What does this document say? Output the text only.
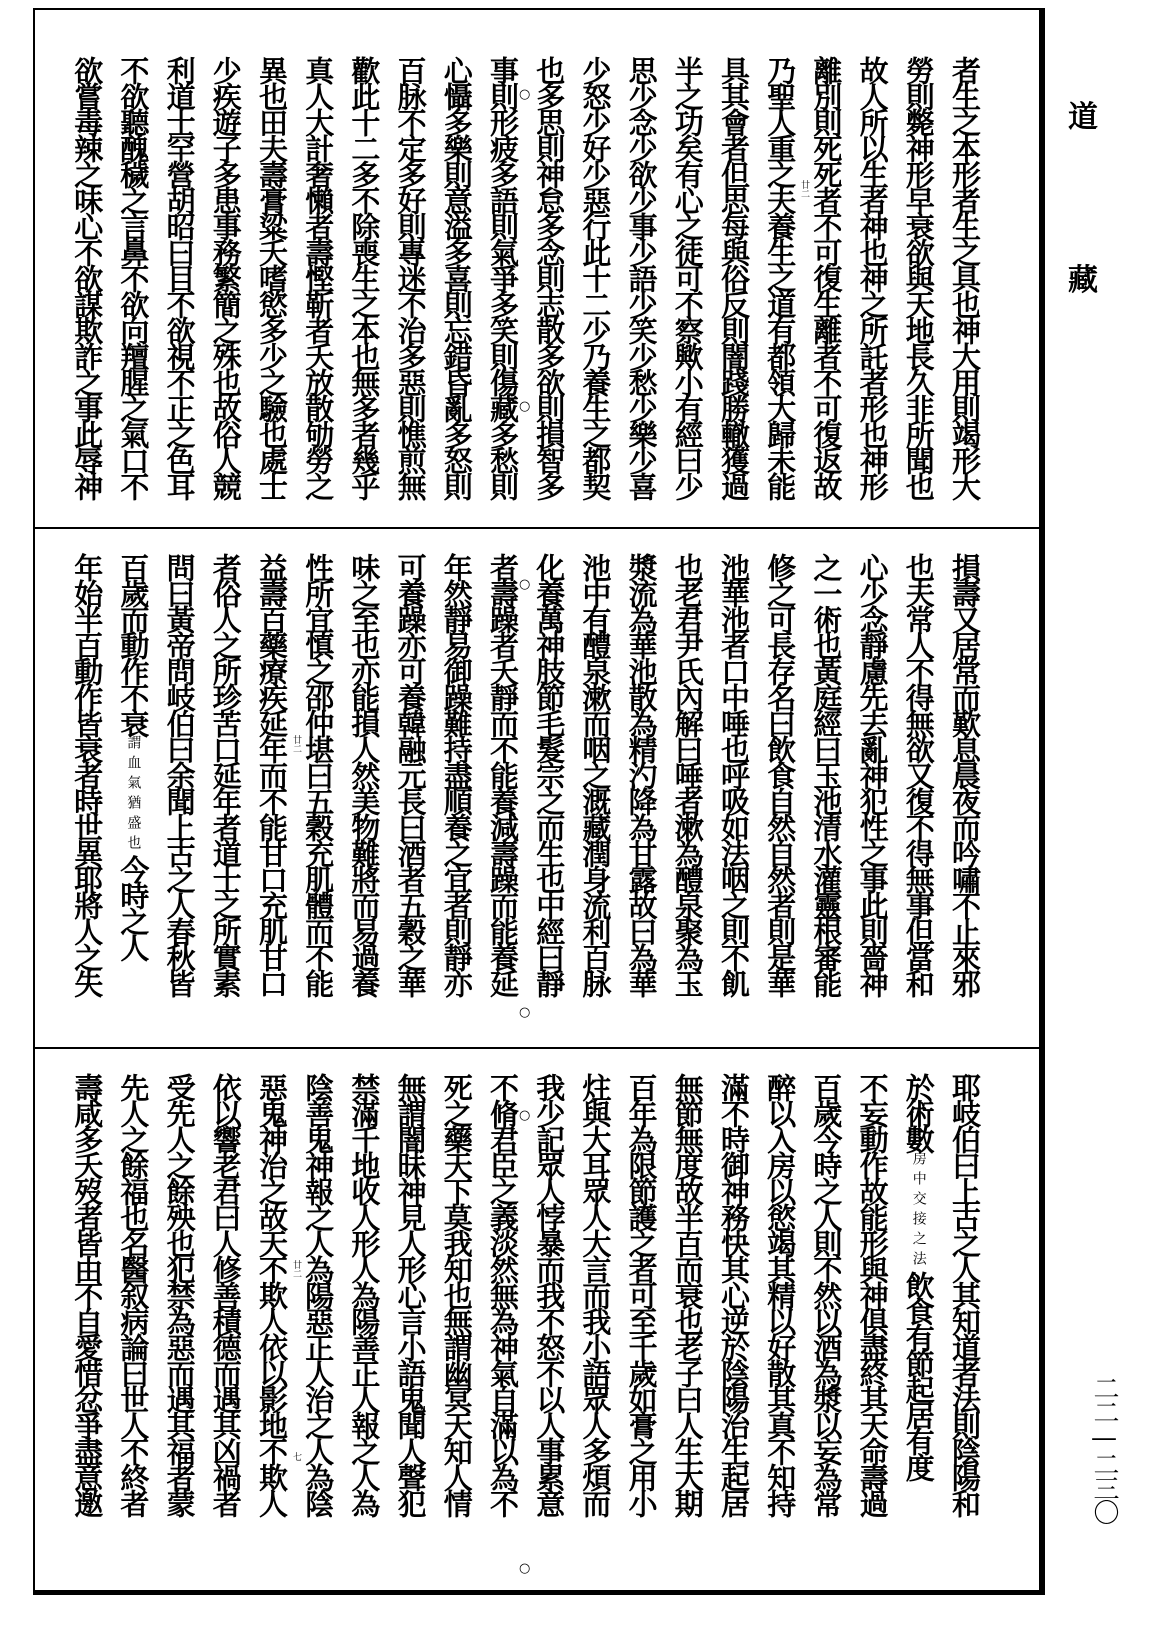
者生之本形者生之具也神大用則竭形大
勞則斃神形早衰欲與天地長久非所聞也
故人所以生者神也神之所託者形也神形
離別則死死者不可復生離者不可復返故
乃聖人重之夫養生之道有都領大歸未能
具其會者但思每與俗反則闇踐勝轍獲過
半之功矣有心之徒可不察歟小有經曰少
思少念少欲少事少語少笑少愁少樂少喜
少怒少好少惡行此十二少乃養生之都契
也多思則神怠多念則志散多欲則損智多
事則形疲多語則氣爭多笑則傷藏多愁則
心懾多樂則意溢多喜則忘錯昏亂多怒則
百脉不定多好則專迷不治多惡則憔煎無
歡此十二多不除喪生之本也無多者幾乎
真人大計奢懶者壽慳靳者夭放散劬勞之
異也田夫壽膏粱夭嗜慾多少之驗也處士
少疾遊子多患事務繁簡之殊也故俗人競
利道士罕營胡昭曰目不欲視不正之色耳
不欲聽醜穢之言鼻不欲向羶腥之氣口不
欲嘗毒辣之味心不欲謀欺詐之事此辱神
損壽又居常而歎息晨夜而吟嘯不止來邪
也夫常人不得無欲又復不得無事但當和
心少念靜慮先去亂神犯性之事此則嗇神
之一術也黃庭經曰玉池清水灌靈根審能
修之可長存名曰飲食自然自然者則是華
池華池者口中唾也呼吸如法咽之則不飢
也老君尹氏內解曰唾者漱為醴泉聚為玉
漿流為華池散為精汋降為甘露故曰為華
池中有醴泉漱而咽之溉藏潤身流利百脉
化養萬神肢節毛髮宗之而生也中經曰靜
者壽躁者夭靜而不能養減壽躁而能養延
年然靜易御躁難持盡順養之宜者則靜亦
可養躁亦可養韓融元長曰酒者五穀之華
味之至也亦能損人然美物難將而易過養
性所宜慎之邵仲堪曰五穀充肌體而不能
益壽百藥療疾延年而不能甘口充肌甘口
者俗人之所珍苦口延年者道士之所實素
問曰黃帝問岐伯曰余聞上古之人春秋皆
百歲而動作不衰謂血氣猶盛也今時之人
年始半百動作皆衰者時世異耶將人之失
耶岐伯曰上古之人其知道者法則陰陽和
於術數房中交接之法飲食有節起居有度
不妄動作故能形與神俱盡終其天命壽過
百歲今時之人則不然以酒為漿以妄為常
醉以入房以慾竭其精以好散其真不知持
滿不時御神務快其心逆於陰陽治生起居
無節無度故半百而衰也老子曰人生大期
百年為限節護之者可至千歲如膏之用小
炷與大耳眾人大言而我小語眾人多煩而
我少記眾人悖暴而我不怒不以人事累意
不脩君臣之義淡然無為神氣自滿以為不
死之藥天下莫我知也無謂幽冥天知人情
無謂闇昧神見人形心言小語鬼聞人聲犯
禁滿千地收人形人為陽善正人報之人為
陰善鬼神報之人為陽惡正人治之人為陰
惡鬼神治之故天不欺人依以影地不欺人
依以響老君曰人修善積德而遇其凶禍者
受先人之餘殃也犯禁為惡而遇其福者蒙
先人之餘福也名醫叙病論曰世人不終者
壽咸多夭歿者皆由不自愛惜忿爭盡意邀
○
○
○
○
○
○
廿二
廿二
廿二
七
道
藏
二二—二三〇
